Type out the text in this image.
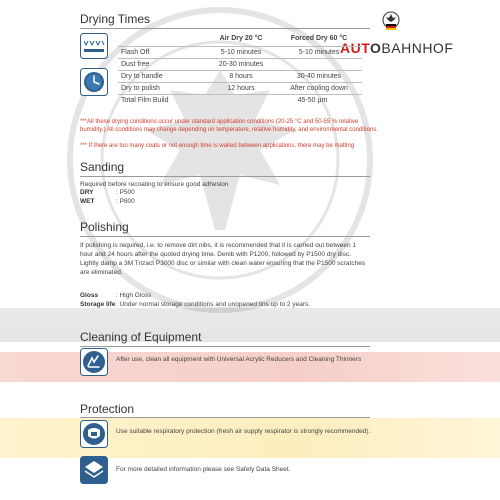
Drying Times
AUTOBAHNHOF
	Air Dry 20 °C	Forced Dry 60 °C
Flash Off	5-10 minutes	5-10 minutes
Dust free	20-30 minutes	
Dry to handle	8 hours	30-40 minutes
Dry to polish	12 hours	After cooling down
Total Film Build	45-50 µm	
***All these drying conditions occur under standard application conditions (20-25 °C and 50-55 % relative humidity.) All conditions may change depending on temperature, relative humidity, and environmental conditions.
*** If there are too many coats or not enough time is waited between applications, there may be matting
Sanding
Required before recoating to ensure good adhesion
DRY	: P500
WET	: P800
Polishing
If polishing is required, i.e. to remove dirt nibs, it is recommended that it is carried out between 1
hour and 24 hours after the quoted drying time. Denib with P1200, followed by P1500 dry disc.
Lightly damp a 3M Trizact P3000 disc or similar with clean water ensuring that the P1500 scratches
are eliminated.
Gloss	: High Gloss
Storage life: Under normal storage conditions and unopened tins up to 2 years.
Cleaning of Equipment
After use, clean all equipment with Universal Acrylic Reducers and Cleaning Thinners
Protection
Use suitable respiratory protection (fresh air supply respirator is strongly recommended).
For more detailed information please see Safety Data Sheet.
